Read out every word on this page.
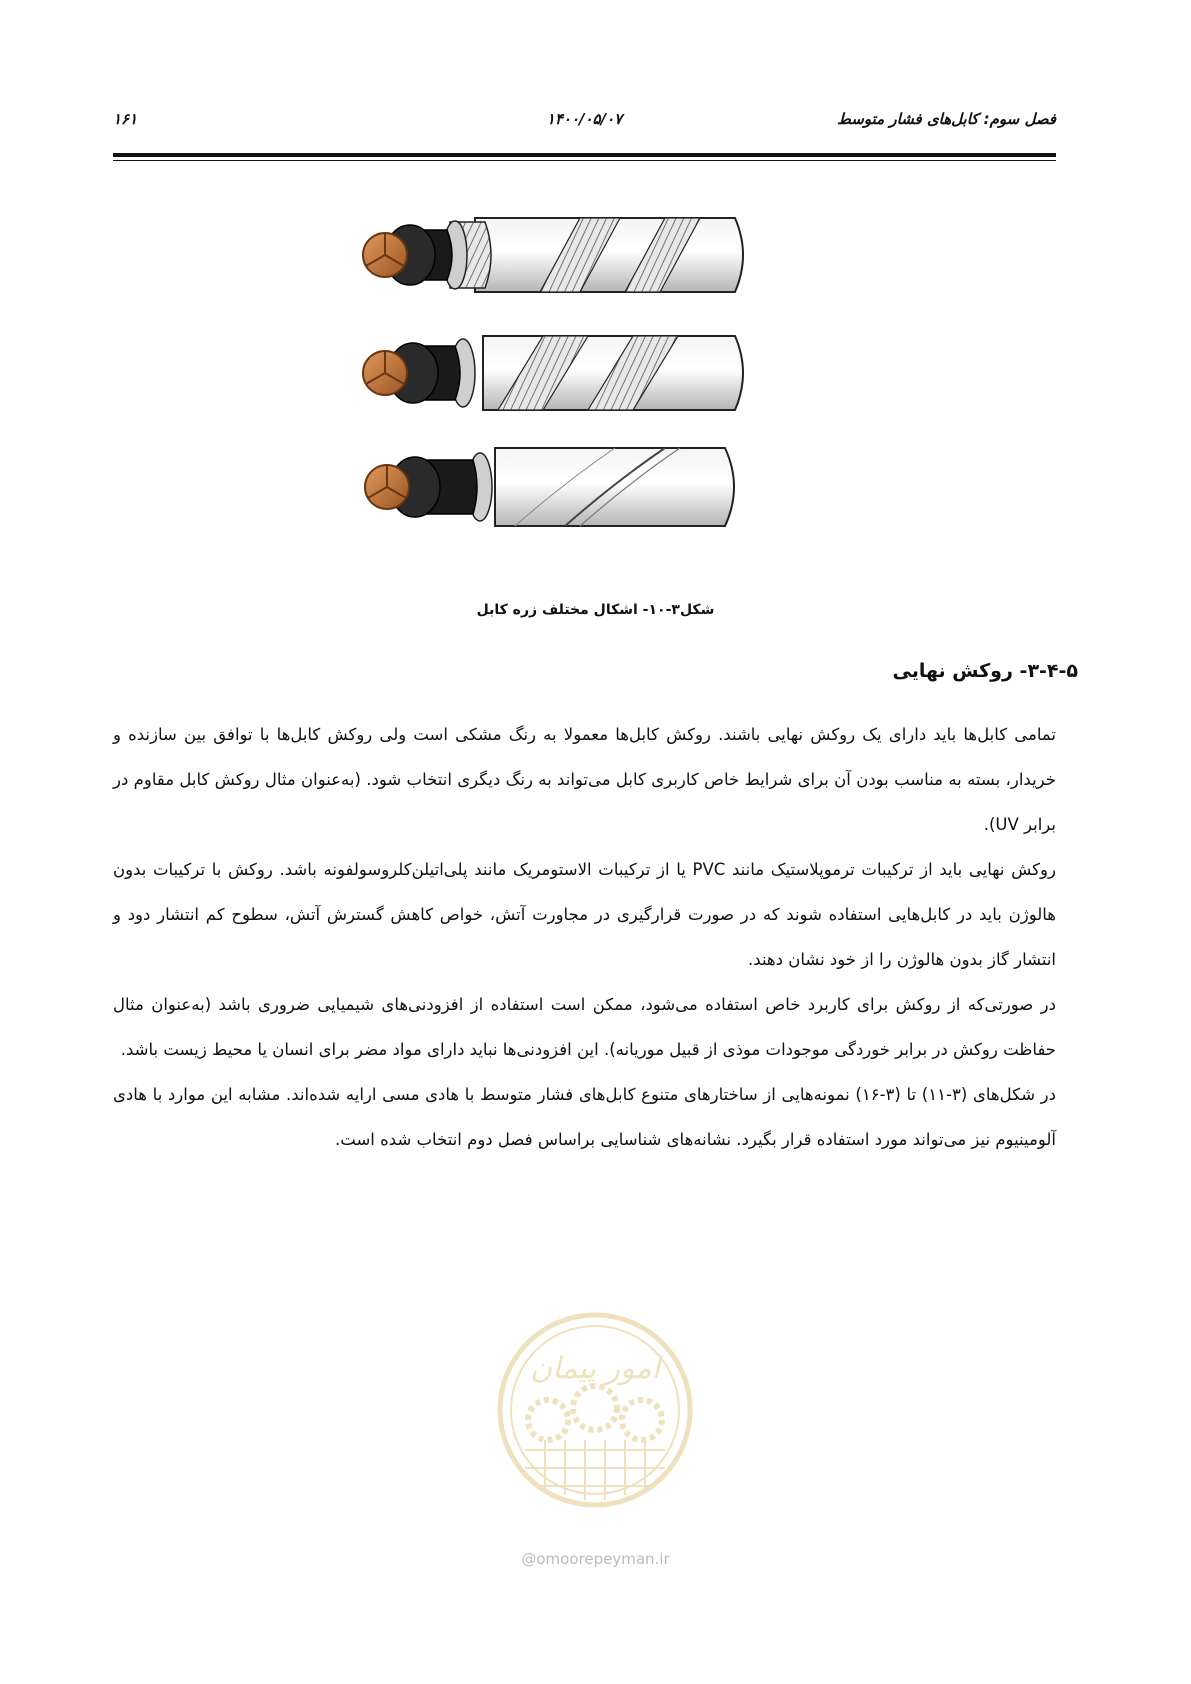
فصل سوم: کابل‌های فشار متوسط
۱۴۰۰/۰۵/۰۷
۱۶۱
شکل۳-۱۰- اشکال مختلف زره کابل
۳-۴-۵- روکش نهایی

تمامی کابل‌ها باید دارای یک روکش نهایی باشند. روکش کابل‌ها معمولا به رنگ مشکی است ولی روکش کابل‌ها با توافق بین سازنده و خریدار، بسته به مناسب بودن آن برای شرایط خاص کاربری کابل می‌تواند به رنگ دیگری انتخاب شود. (به‌عنوان مثال روکش کابل مقاوم در برابر UV).

روکش نهایی باید از ترکیبات ترموپلاستیک مانند PVC یا از ترکیبات الاستومریک مانند پلی‌اتیلن‌کلروسولفونه باشد. روکش با ترکیبات بدون هالوژن باید در کابل‌هایی استفاده شوند که در صورت قرارگیری در مجاورت آتش، خواص کاهش گسترش آتش، سطوح کم انتشار دود و انتشار گاز بدون هالوژن را از خود نشان دهند.

در صورتی‌که از روکش برای کاربرد خاص استفاده می‌شود، ممکن است استفاده از افزودنی‌های شیمیایی ضروری باشد (به‌عنوان مثال حفاظت روکش در برابر خوردگی موجودات موذی از قبیل موریانه). این افزودنی‌ها نباید دارای مواد مضر برای انسان یا محیط زیست باشد.

در شکل‌های (۳-۱۱) تا (۳-۱۶) نمونه‌هایی از ساختارهای متنوع کابل‌های فشار متوسط با هادی مسی ارایه شده‌اند. مشابه این موارد با هادی آلومینیوم نیز می‌تواند مورد استفاده قرار بگیرد. نشانه‌های شناسایی براساس فصل دوم انتخاب شده است.

امور پیمان
@omoorepeyman.ir
